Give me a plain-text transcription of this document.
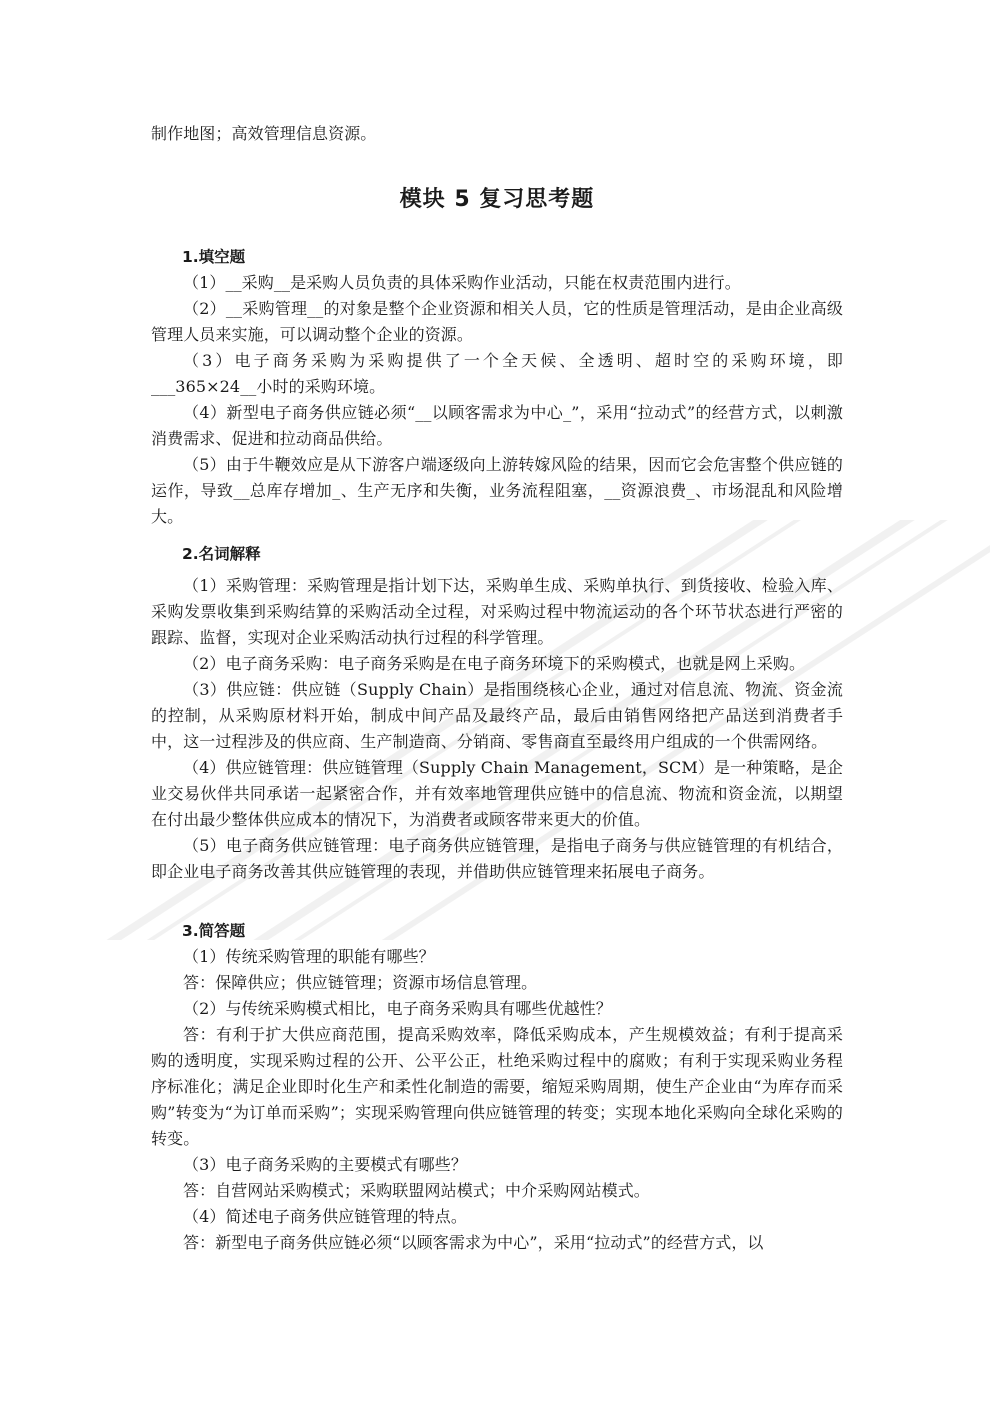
制作地图；高效管理信息资源。

模块 5 复习思考题

1.填空题

（1）__采购__是采购人员负责的具体采购作业活动，只能在权责范围内进行。

（2）__采购管理__的对象是整个企业资源和相关人员，它的性质是管理活动，是由企业高级管理人员来实施，可以调动整个企业的资源。

（3）电子商务采购为采购提供了一个全天候、全透明、超时空的采购环境，即___365×24__小时的采购环境。

（4）新型电子商务供应链必须“__以顾客需求为中心_”，采用“拉动式”的经营方式，以刺激消费需求、促进和拉动商品供给。

（5）由于牛鞭效应是从下游客户端逐级向上游转嫁风险的结果，因而它会危害整个供应链的运作，导致__总库存增加_、生产无序和失衡，业务流程阻塞，__资源浪费_、市场混乱和风险增大。

2.名词解释

（1）采购管理：采购管理是指计划下达，采购单生成、采购单执行、到货接收、检验入库、采购发票收集到采购结算的采购活动全过程，对采购过程中物流运动的各个环节状态进行严密的跟踪、监督，实现对企业采购活动执行过程的科学管理。

（2）电子商务采购：电子商务采购是在电子商务环境下的采购模式，也就是网上采购。

（3）供应链：供应链（Supply Chain）是指围绕核心企业，通过对信息流、物流、资金流的控制，从采购原材料开始，制成中间产品及最终产品，最后由销售网络把产品送到消费者手中，这一过程涉及的供应商、生产制造商、分销商、零售商直至最终用户组成的一个供需网络。

（4）供应链管理：供应链管理（Supply Chain Management，SCM）是一种策略，是企业交易伙伴共同承诺一起紧密合作，并有效率地管理供应链中的信息流、物流和资金流，以期望在付出最少整体供应成本的情况下，为消费者或顾客带来更大的价值。

（5）电子商务供应链管理：电子商务供应链管理，是指电子商务与供应链管理的有机结合，即企业电子商务改善其供应链管理的表现，并借助供应链管理来拓展电子商务。

3.简答题

（1）传统采购管理的职能有哪些？

答：保障供应；供应链管理；资源市场信息管理。

（2）与传统采购模式相比，电子商务采购具有哪些优越性？

答：有利于扩大供应商范围，提高采购效率，降低采购成本，产生规模效益；有利于提高采购的透明度，实现采购过程的公开、公平公正，杜绝采购过程中的腐败；有利于实现采购业务程序标准化；满足企业即时化生产和柔性化制造的需要，缩短采购周期，使生产企业由“为库存而采购”转变为“为订单而采购”；实现采购管理向供应链管理的转变；实现本地化采购向全球化采购的转变。

（3）电子商务采购的主要模式有哪些？

答：自营网站采购模式；采购联盟网站模式；中介采购网站模式。

（4）简述电子商务供应链管理的特点。

答：新型电子商务供应链必须“以顾客需求为中心”，采用“拉动式”的经营方式，以
